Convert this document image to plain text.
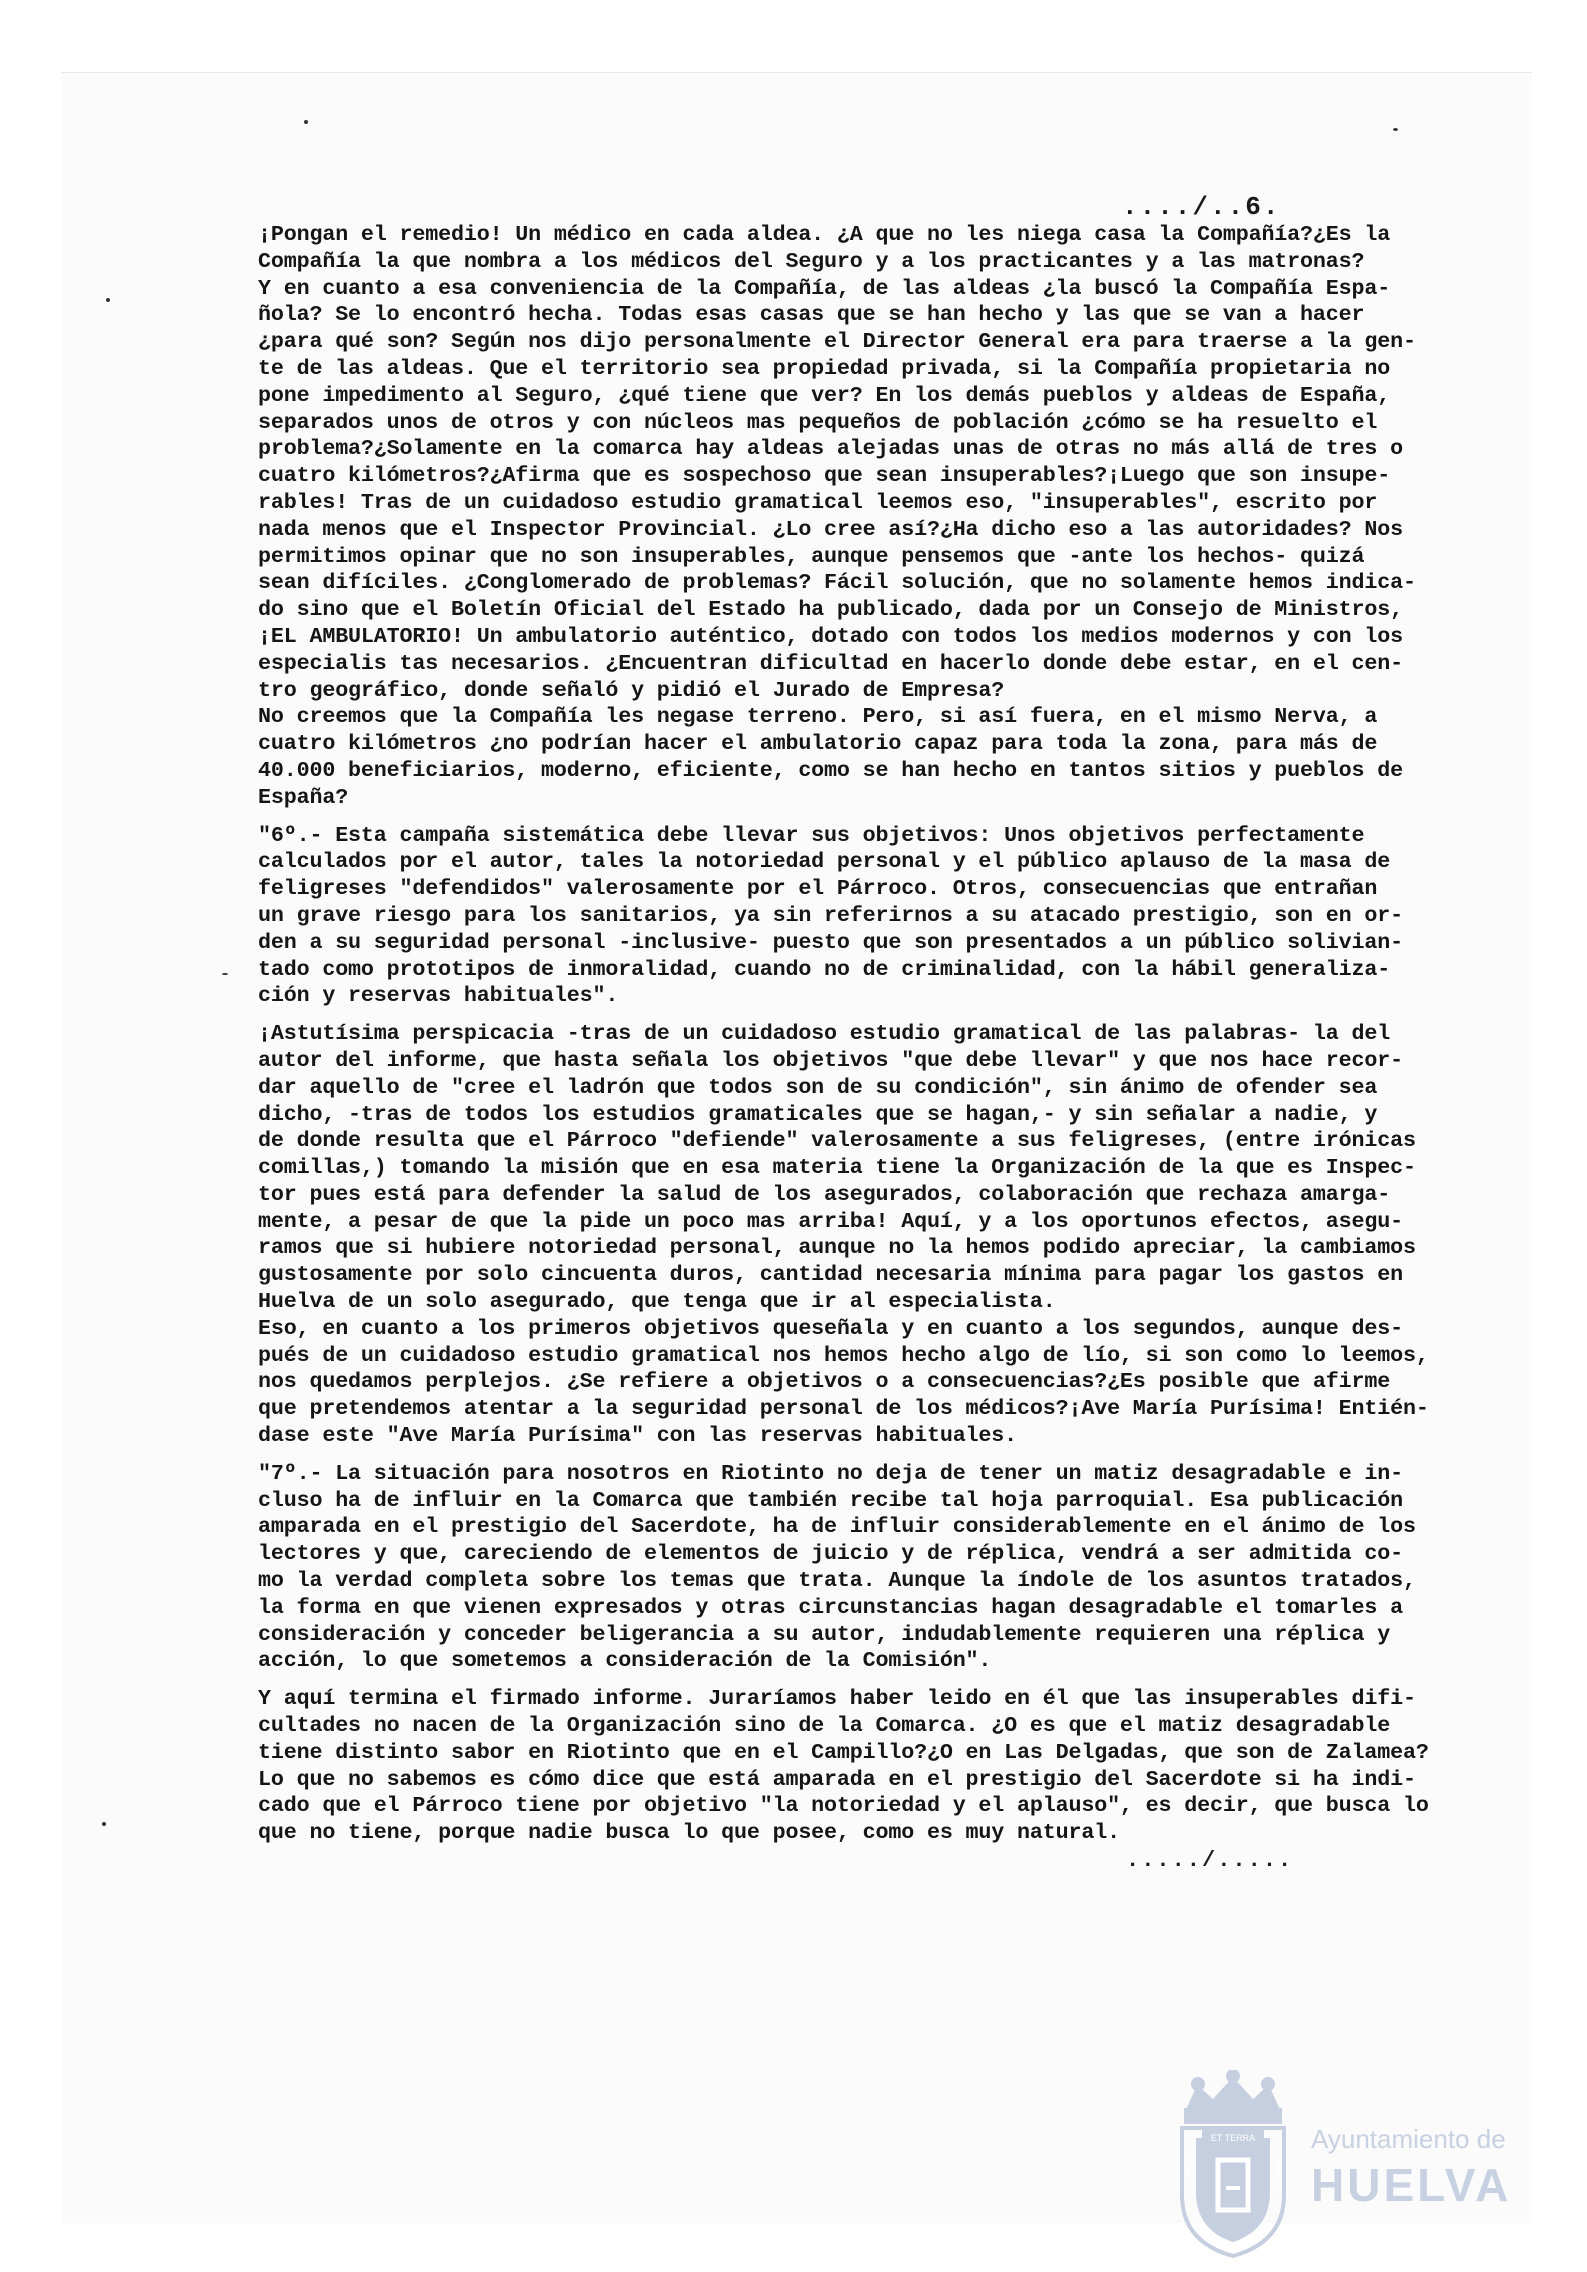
..../..6.
¡Pongan el remedio! Un médico en cada aldea. ¿A que no les niega casa la Compañía?¿Es la
Compañía la que nombra a los médicos del Seguro y a los practicantes y a las matronas?
Y en cuanto a esa conveniencia de la Compañía, de las aldeas ¿la buscó la Compañía Espa-
ñola? Se lo encontró hecha. Todas esas casas que se han hecho y las que se van a hacer
¿para qué son? Según nos dijo personalmente el Director General era para traerse a la gen-
te de las aldeas. Que el territorio sea propiedad privada, si la Compañía propietaria no
pone impedimento al Seguro, ¿qué tiene que ver? En los demás pueblos y aldeas de España,
separados unos de otros y con núcleos mas pequeños de población ¿cómo se ha resuelto el
problema?¿Solamente en la comarca hay aldeas alejadas unas de otras no más allá de tres o
cuatro kilómetros?¿Afirma que es sospechoso que sean insuperables?¡Luego que son insupe-
rables! Tras de un cuidadoso estudio gramatical leemos eso, "insuperables", escrito por
nada menos que el Inspector Provincial. ¿Lo cree así?¿Ha dicho eso a las autoridades? Nos
permitimos opinar que no son insuperables, aunque pensemos que -ante los hechos- quizá
sean difíciles. ¿Conglomerado de problemas? Fácil solución, que no solamente hemos indica-
do sino que el Boletín Oficial del Estado ha publicado, dada por un Consejo de Ministros,
¡EL AMBULATORIO! Un ambulatorio auténtico, dotado con todos los medios modernos y con los
especialis tas necesarios. ¿Encuentran dificultad en hacerlo donde debe estar, en el cen-
tro geográfico, donde señaló y pidió el Jurado de Empresa?
No creemos que la Compañía les negase terreno. Pero, si así fuera, en el mismo Nerva, a
cuatro kilómetros ¿no podrían hacer el ambulatorio capaz para toda la zona, para más de
40.000 beneficiarios, moderno, eficiente, como se han hecho en tantos sitios y pueblos de
España?
"6º.- Esta campaña sistemática debe llevar sus objetivos: Unos objetivos perfectamente
calculados por el autor, tales la notoriedad personal y el público aplauso de la masa de
feligreses "defendidos" valerosamente por el Párroco. Otros, consecuencias que entrañan
un grave riesgo para los sanitarios, ya sin referirnos a su atacado prestigio, son en or-
den a su seguridad personal -inclusive- puesto que son presentados a un público solivian-
tado como prototipos de inmoralidad, cuando no de criminalidad, con la hábil generaliza-
ción y reservas habituales".
¡Astutísima perspicacia -tras de un cuidadoso estudio gramatical de las palabras- la del
autor del informe, que hasta señala los objetivos "que debe llevar" y que nos hace recor-
dar aquello de "cree el ladrón que todos son de su condición", sin ánimo de ofender sea
dicho, -tras de todos los estudios gramaticales que se hagan,- y sin señalar a nadie, y
de donde resulta que el Párroco "defiende" valerosamente a sus feligreses, (entre irónicas
comillas,) tomando la misión que en esa materia tiene la Organización de la que es Inspec-
tor pues está para defender la salud de los asegurados, colaboración que rechaza amarga-
mente, a pesar de que la pide un poco mas arriba! Aquí, y a los oportunos efectos, asegu-
ramos que si hubiere notoriedad personal, aunque no la hemos podido apreciar, la cambiamos
gustosamente por solo cincuenta duros, cantidad necesaria mínima para pagar los gastos en
Huelva de un solo asegurado, que tenga que ir al especialista.
Eso, en cuanto a los primeros objetivos queseñala y en cuanto a los segundos, aunque des-
pués de un cuidadoso estudio gramatical nos hemos hecho algo de lío, si son como lo leemos,
nos quedamos perplejos. ¿Se refiere a objetivos o a consecuencias?¿Es posible que afirme
que pretendemos atentar a la seguridad personal de los médicos?¡Ave María Purísima! Entién-
dase este "Ave María Purísima" con las reservas habituales.
"7º.- La situación para nosotros en Riotinto no deja de tener un matiz desagradable e in-
cluso ha de influir en la Comarca que también recibe tal hoja parroquial. Esa publicación
amparada en el prestigio del Sacerdote, ha de influir considerablemente en el ánimo de los
lectores y que, careciendo de elementos de juicio y de réplica, vendrá a ser admitida co-
mo la verdad completa sobre los temas que trata. Aunque la índole de los asuntos tratados,
la forma en que vienen expresados y otras circunstancias hagan desagradable el tomarles a
consideración y conceder beligerancia a su autor, indudablemente requieren una réplica y
acción, lo que sometemos a consideración de la Comisión".
Y aquí termina el firmado informe. Juraríamos haber leido en él que las insuperables difi-
cultades no nacen de la Organización sino de la Comarca. ¿O es que el matiz desagradable
tiene distinto sabor en Riotinto que en el Campillo?¿O en Las Delgadas, que son de Zalamea?
Lo que no sabemos es cómo dice que está amparada en el prestigio del Sacerdote si ha indi-
cado que el Párroco tiene por objetivo "la notoriedad y el aplauso", es decir, que busca lo
que no tiene, porque nadie busca lo que posee, como es muy natural.
...../.....
ET TERRA
MARIS	HUELVA
Ayuntamiento de
HUELVA
